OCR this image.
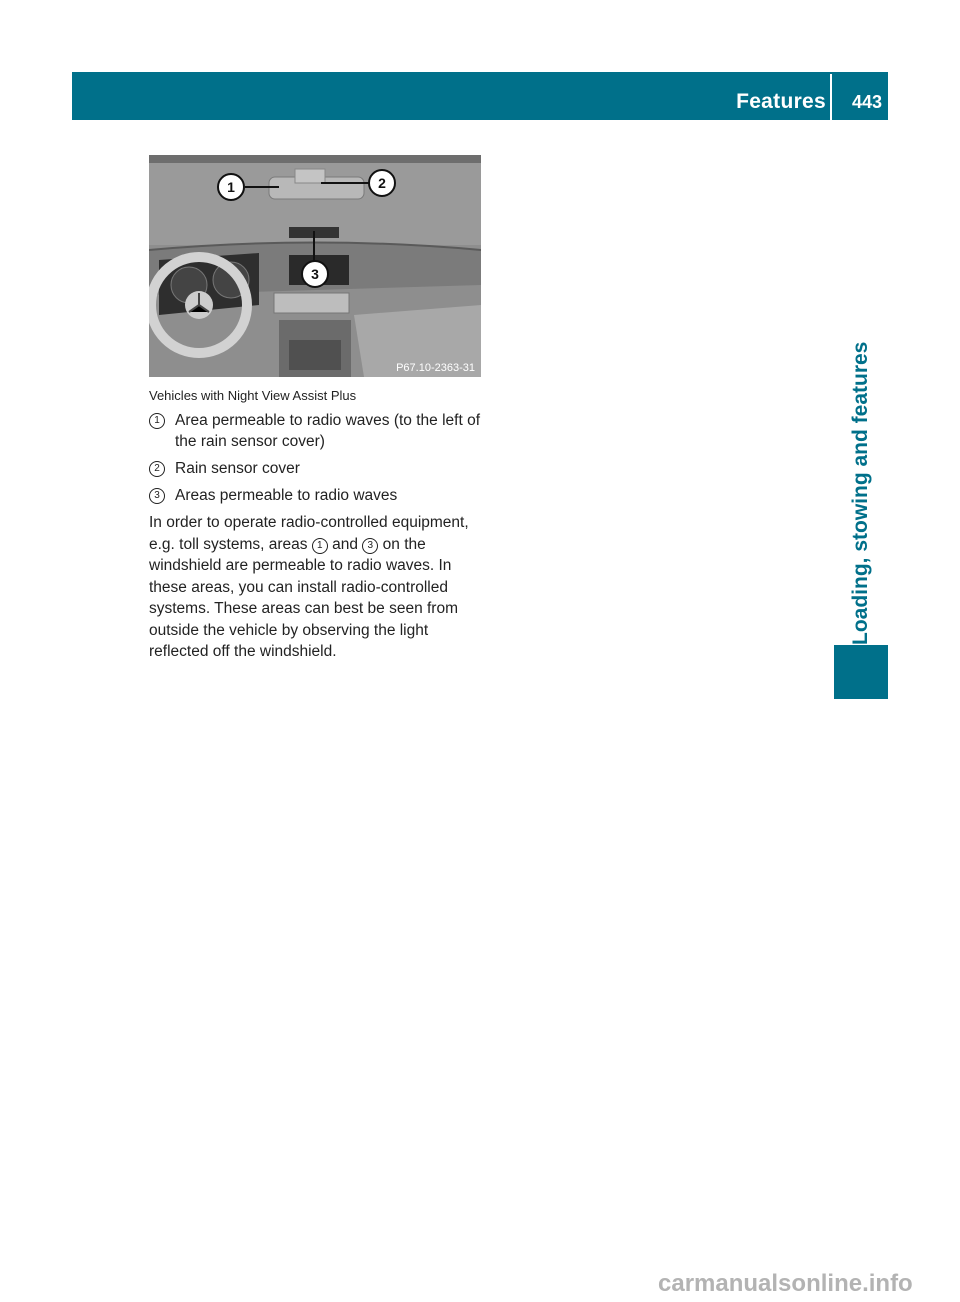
Features 443
Loading, stowing and features
1	2
3
P67.10-2363-31
Vehicles with Night View Assist Plus
1 Area permeable to radio waves (to the left of the rain sensor cover)
2 Rain sensor cover
3 Areas permeable to radio waves
In order to operate radio-controlled equipment, e.g. toll systems, areas 1 and 3 on the windshield are permeable to radio waves. In these areas, you can install radio-controlled systems. These areas can best be seen from outside the vehicle by observing the light reflected off the windshield.
carmanualsonline.info
